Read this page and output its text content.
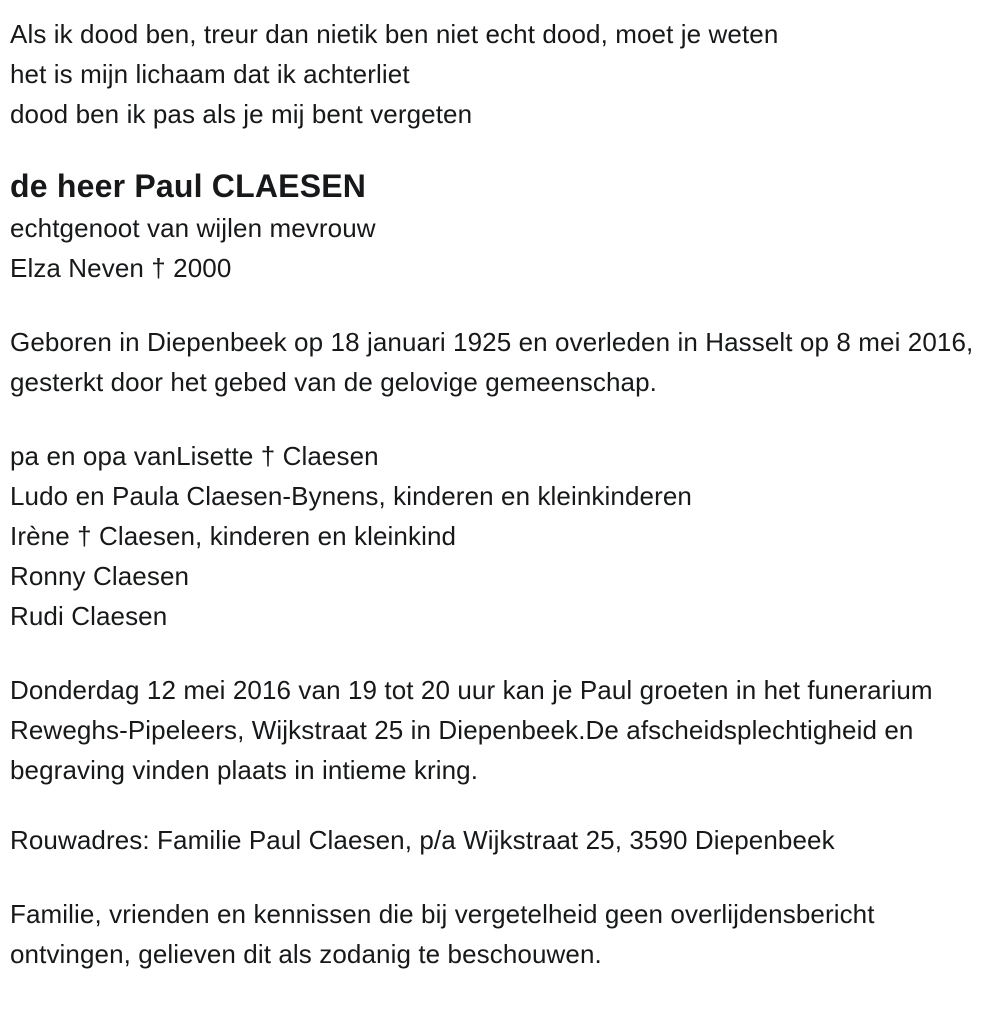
Als ik dood ben, treur dan nietik ben niet echt dood, moet je weten
het is mijn lichaam dat ik achterliet
dood ben ik pas als je mij bent vergeten
de heer Paul CLAESEN
echtgenoot van wijlen mevrouw
Elza Neven † 2000
Geboren in Diepenbeek op 18 januari 1925 en overleden in Hasselt op 8 mei 2016, gesterkt door het gebed van de gelovige gemeenschap.
pa en opa vanLisette † Claesen
Ludo en Paula Claesen-Bynens, kinderen en kleinkinderen
Irène † Claesen, kinderen en kleinkind
Ronny Claesen
Rudi Claesen
Donderdag 12 mei 2016 van 19 tot 20 uur kan je Paul groeten in het funerarium Reweghs-Pipeleers, Wijkstraat 25 in Diepenbeek.De afscheidsplechtigheid en begraving vinden plaats in intieme kring.
Rouwadres: Familie Paul Claesen, p/a Wijkstraat 25, 3590 Diepenbeek
Familie, vrienden en kennissen die bij vergetelheid geen overlijdensbericht ontvingen, gelieven dit als zodanig te beschouwen.
